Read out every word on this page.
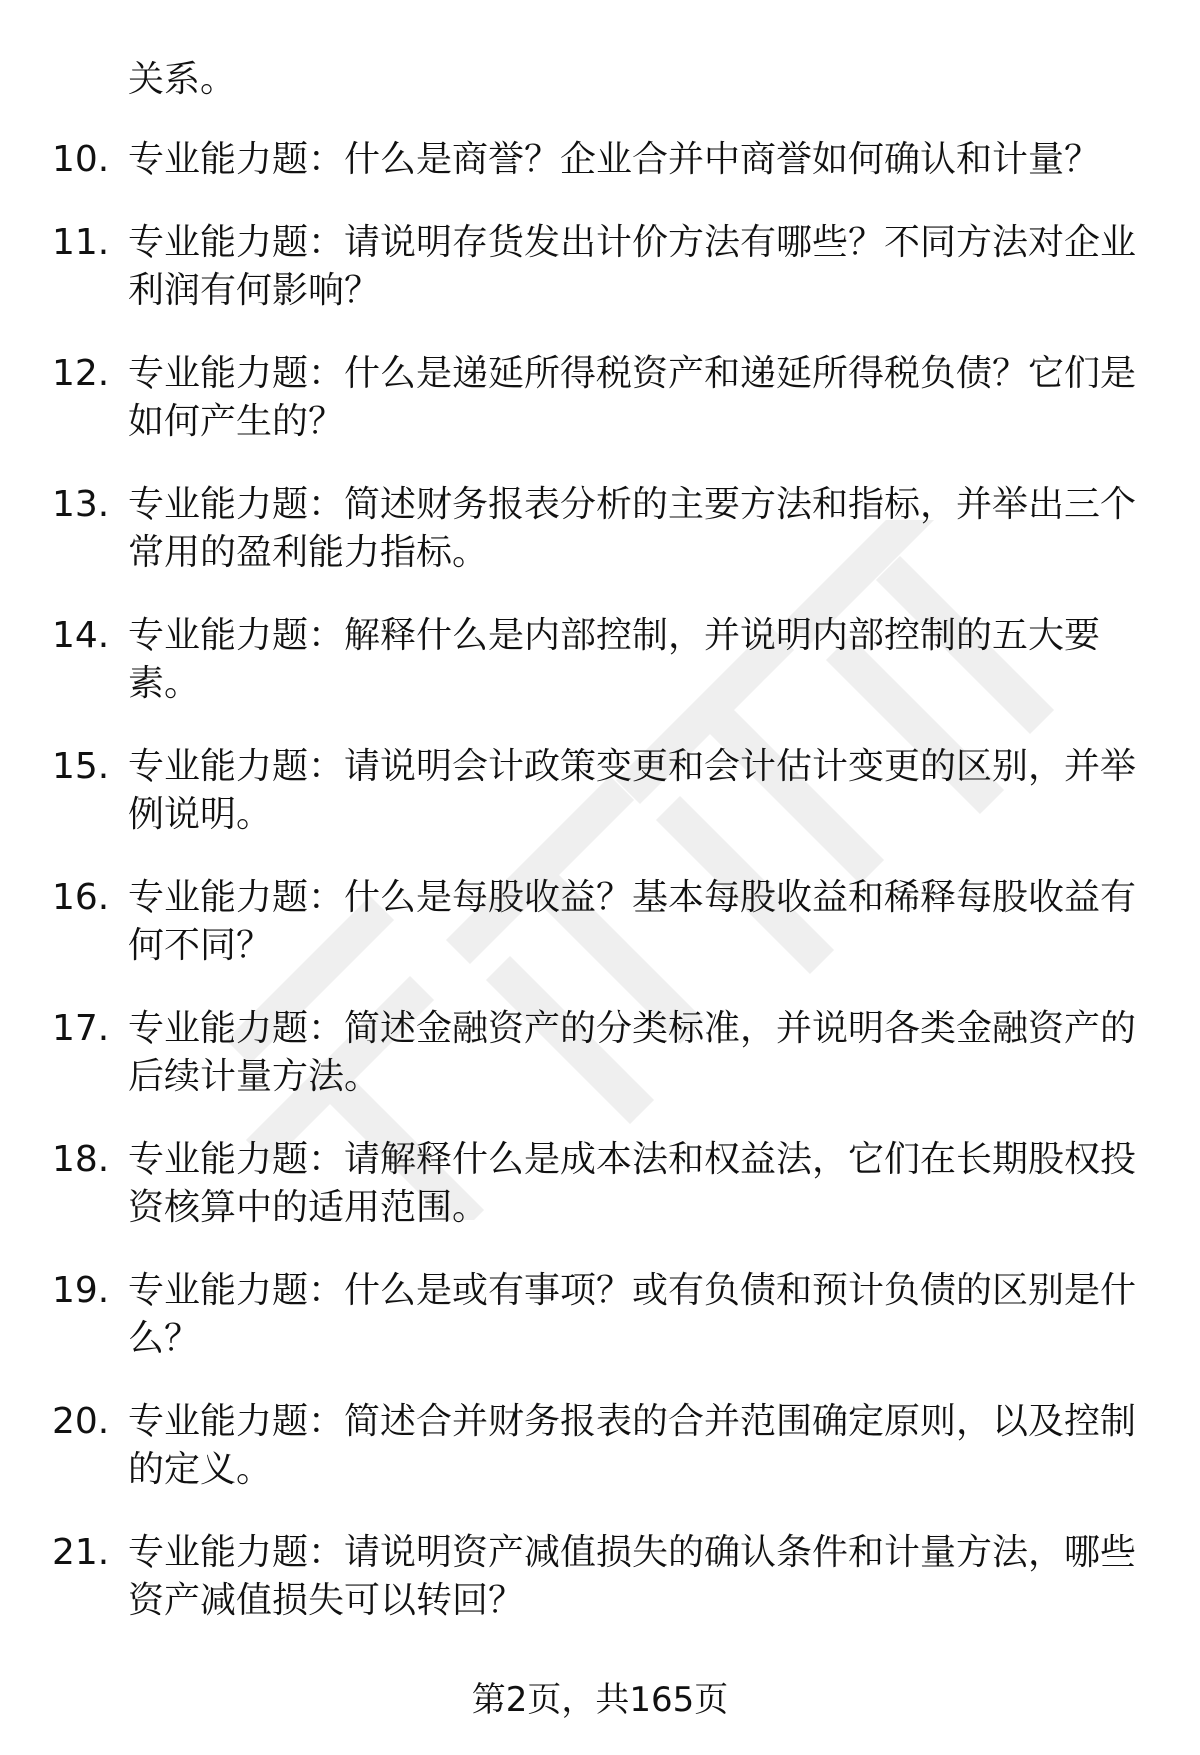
关系。

10. 专业能力题：什么是商誉？企业合并中商誉如何确认和计量？
11. 专业能力题：请说明存货发出计价方法有哪些？不同方法对企业
利润有何影响？
12. 专业能力题：什么是递延所得税资产和递延所得税负债？它们是
如何产生的？
13. 专业能力题：简述财务报表分析的主要方法和指标，并举出三个
常用的盈利能力指标。
14. 专业能力题：解释什么是内部控制，并说明内部控制的五大要
素。
15. 专业能力题：请说明会计政策变更和会计估计变更的区别，并举
例说明。
16. 专业能力题：什么是每股收益？基本每股收益和稀释每股收益有
何不同？
17. 专业能力题：简述金融资产的分类标准，并说明各类金融资产的
后续计量方法。
18. 专业能力题：请解释什么是成本法和权益法，它们在长期股权投
资核算中的适用范围。
19. 专业能力题：什么是或有事项？或有负债和预计负债的区别是什
么？
20. 专业能力题：简述合并财务报表的合并范围确定原则，以及控制
的定义。
21. 专业能力题：请说明资产减值损失的确认条件和计量方法，哪些
资产减值损失可以转回？

第2页，共165页
